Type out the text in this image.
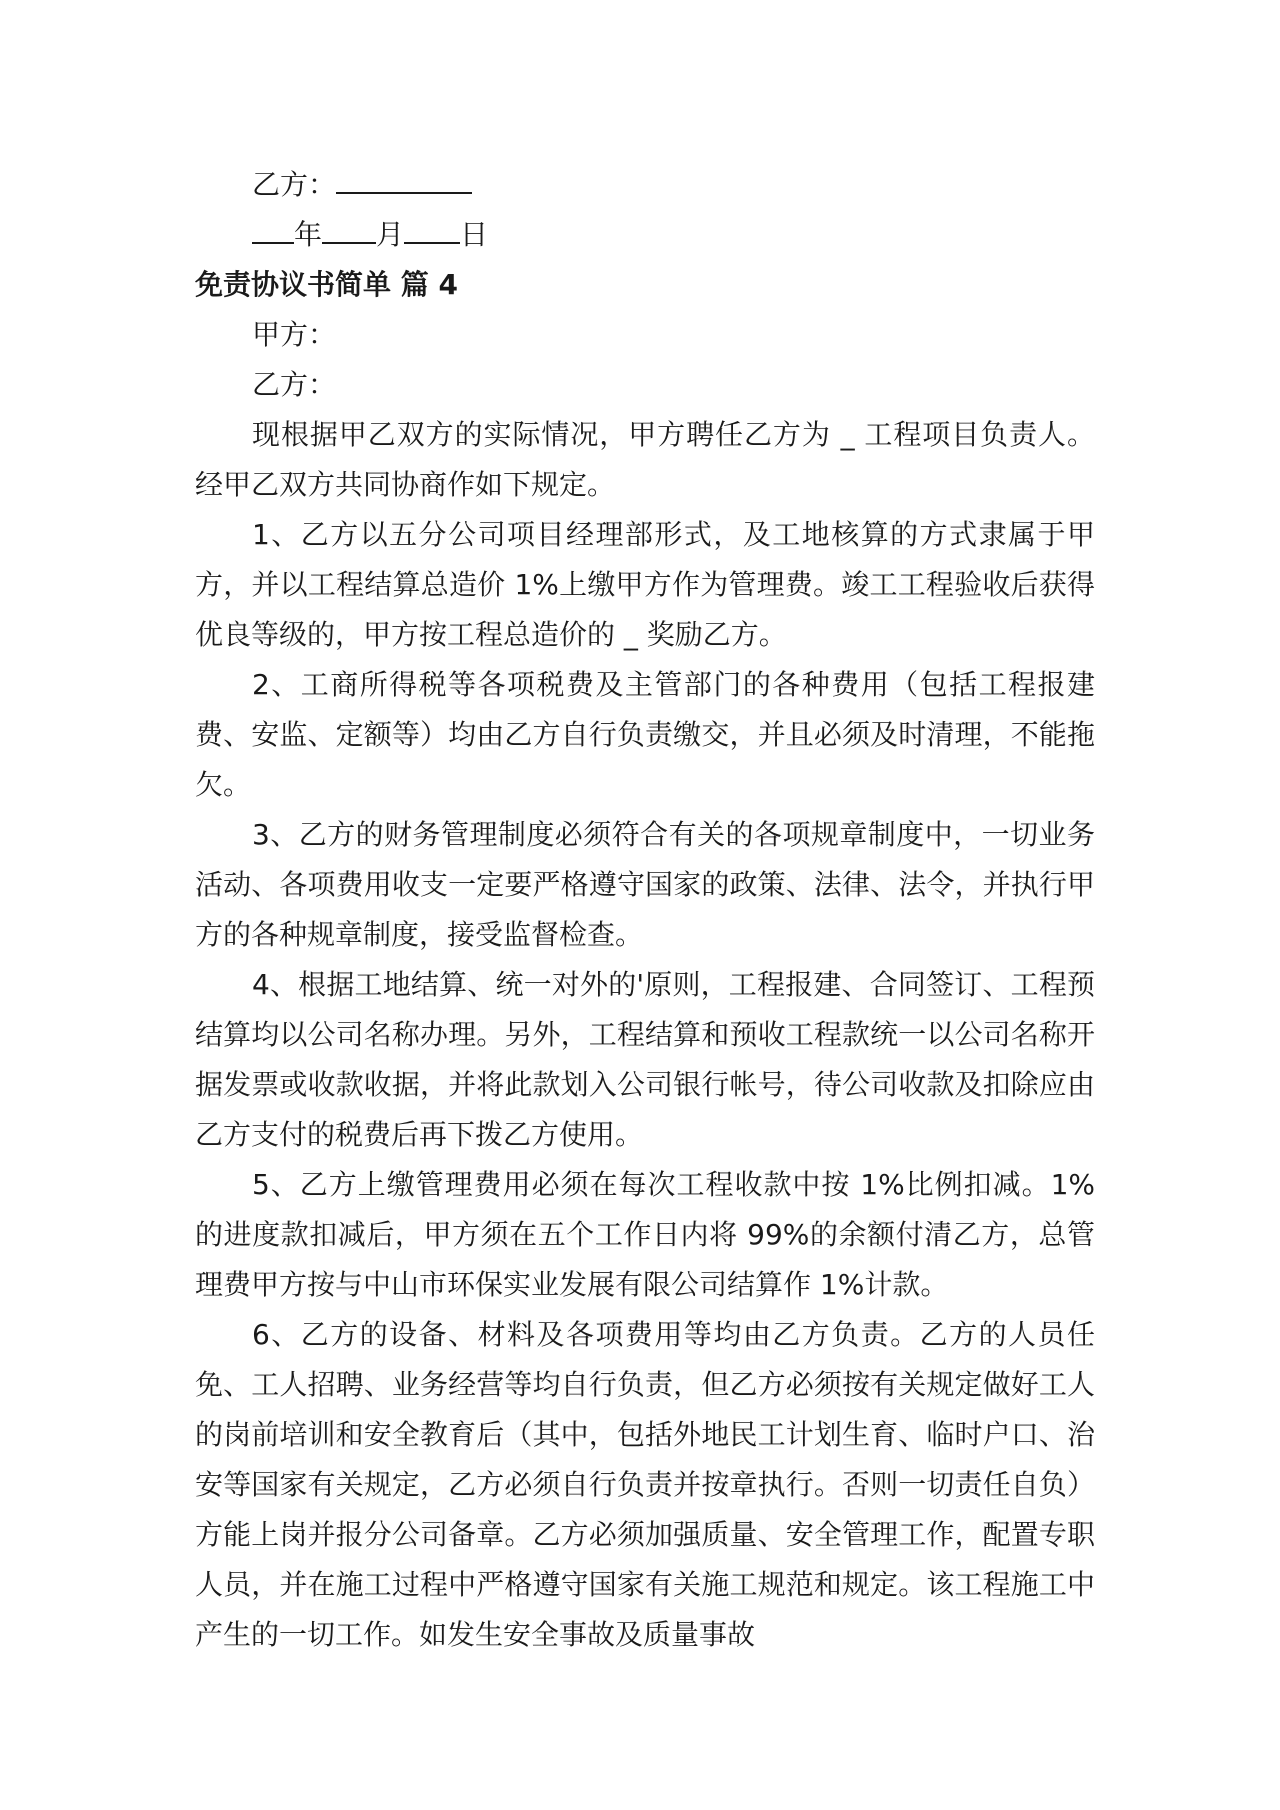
乙方：
年 月 日
免责协议书简单 篇 4
甲方：
乙方：

现根据甲乙双方的实际情况，甲方聘任乙方为 _ 工程项目负责人。经甲乙双方共同协商作如下规定。

1、乙方以五分公司项目经理部形式，及工地核算的方式隶属于甲方，并以工程结算总造价 1%上缴甲方作为管理费。竣工工程验收后获得优良等级的，甲方按工程总造价的 _ 奖励乙方。

2、工商所得税等各项税费及主管部门的各种费用（包括工程报建费、安监、定额等）均由乙方自行负责缴交，并且必须及时清理，不能拖欠。

3、乙方的财务管理制度必须符合有关的各项规章制度中，一切业务活动、各项费用收支一定要严格遵守国家的政策、法律、法令，并执行甲方的各种规章制度，接受监督检查。

4、根据工地结算、统一对外的'原则，工程报建、合同签订、工程预结算均以公司名称办理。另外，工程结算和预收工程款统一以公司名称开据发票或收款收据，并将此款划入公司银行帐号，待公司收款及扣除应由乙方支付的税费后再下拨乙方使用。

5、乙方上缴管理费用必须在每次工程收款中按 1%比例扣减。1%的进度款扣减后，甲方须在五个工作日内将 99%的余额付清乙方，总管理费甲方按与中山市环保实业发展有限公司结算作 1%计款。

6、乙方的设备、材料及各项费用等均由乙方负责。乙方的人员任免、工人招聘、业务经营等均自行负责，但乙方必须按有关规定做好工人的岗前培训和安全教育后（其中，包括外地民工计划生育、临时户口、治安等国家有关规定，乙方必须自行负责并按章执行。否则一切责任自负）方能上岗并报分公司备章。乙方必须加强质量、安全管理工作，配置专职人员，并在施工过程中严格遵守国家有关施工规范和规定。该工程施工中产生的一切工作。如发生安全事故及质量事故
